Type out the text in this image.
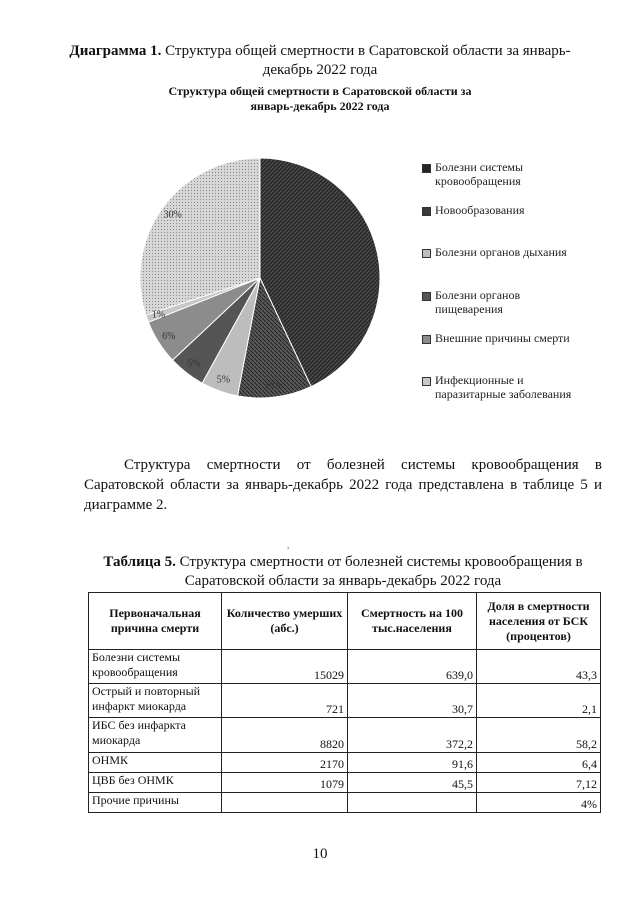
Диаграмма 1. Структура общей смертности в Саратовской области за январь-декабрь 2022 года
Структура общей смертности в Саратовской области за январь-декабрь 2022 года
10%
5%
5%
6%
1%
30%
Болезни системы кровообращения
Новообразования
Болезни органов дыхания
Болезни органов пищеварения
Внешние причины смерти
Инфекционные и паразитарные заболевания
Структура смертности от болезней системы кровообращения в Саратовской области за январь-декабрь 2022 года представлена в таблице 5 и диаграмме 2.
,
Таблица 5. Структура смертности от болезней системы кровообращения в Саратовской области за январь-декабрь 2022 года
Первоначальная причина смерти	Количество умерших (абс.)	Смертность на 100 тыс.населения	Доля в смертности населения от БСК (процентов)
Болезни системы кровообращения	15029	639,0	43,3
Острый и повторный инфаркт миокарда	721	30,7	2,1
ИБС без инфаркта миокарда	8820	372,2	58,2
ОНМК	2170	91,6	6,4
ЦВБ без ОНМК	1079	45,5	7,12
Прочие причины			4%
10
